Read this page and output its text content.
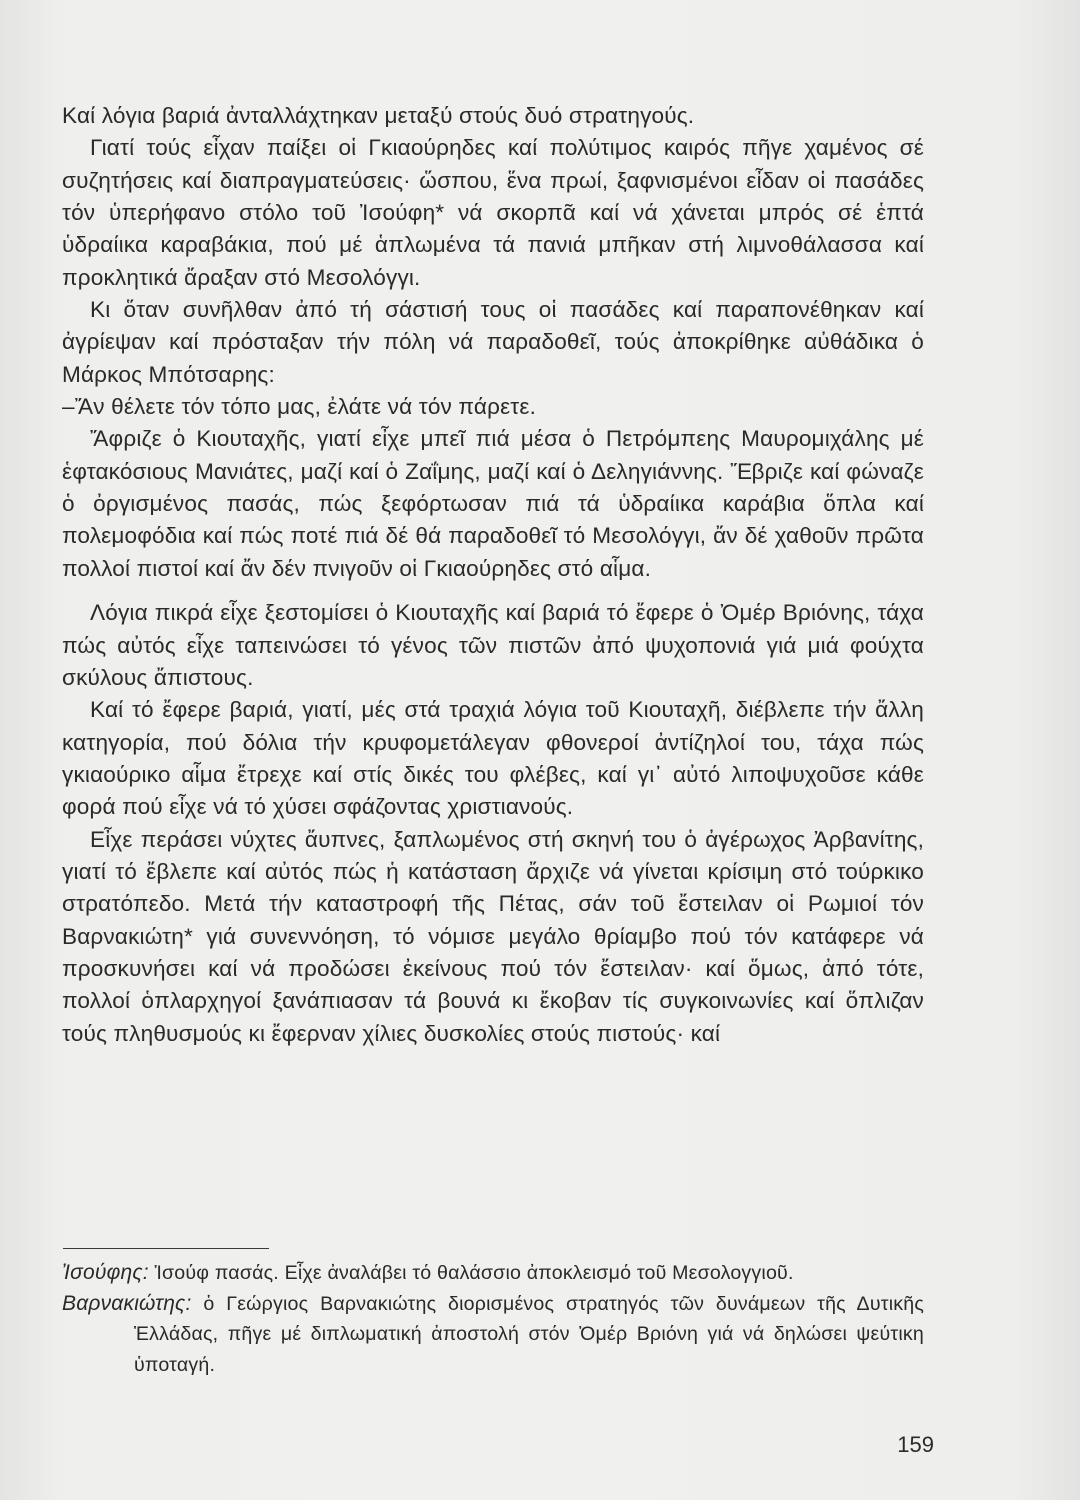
Καί λόγια βαριά ἀνταλλάχτηκαν μεταξύ στούς δυό στρατηγούς.

Γιατί τούς εἶχαν παίξει οἱ Γκιαούρηδες καί πολύτιμος καιρός πῆγε χαμένος σέ συζητήσεις καί διαπραγματεύσεις· ὥσπου, ἕνα πρωί, ξαφνισμένοι εἶδαν οἱ πασάδες τόν ὑπερήφανο στόλο τοῦ Ἰσούφη* νά σκορπᾶ καί νά χάνεται μπρός σέ ἑπτά ὑδραίικα καραβάκια, πού μέ ἁπλωμένα τά πανιά μπῆκαν στή λιμνοθάλασσα καί προκλητικά ἄραξαν στό Μεσολόγγι.

Κι ὅταν συνῆλθαν ἀπό τή σάστισή τους οἱ πασάδες καί παραπονέθηκαν καί ἀγρίεψαν καί πρόσταξαν τήν πόλη νά παραδοθεῖ, τούς ἀποκρίθηκε αὐθάδικα ὁ Μάρκος Μπότσαρης:

–Ἄν θέλετε τόν τόπο μας, ἐλάτε νά τόν πάρετε.

Ἄφριζε ὁ Κιουταχῆς, γιατί εἶχε μπεῖ πιά μέσα ὁ Πετρόμπεης Μαυρομιχάλης μέ ἑφτακόσιους Μανιάτες, μαζί καί ὁ Ζαΐμης, μαζί καί ὁ Δεληγιάννης. Ἔβριζε καί φώναζε ὁ ὀργισμένος πασάς, πώς ξεφόρτωσαν πιά τά ὑδραίικα καράβια ὅπλα καί πολεμοφόδια καί πώς ποτέ πιά δέ θά παραδοθεῖ τό Μεσολόγγι, ἄν δέ χαθοῦν πρῶτα πολλοί πιστοί καί ἄν δέν πνιγοῦν οἱ Γκιαούρηδες στό αἷμα.

Λόγια πικρά εἶχε ξεστομίσει ὁ Κιουταχῆς καί βαριά τό ἔφερε ὁ Ὀμέρ Βριόνης, τάχα πώς αὐτός εἶχε ταπεινώσει τό γένος τῶν πιστῶν ἀπό ψυχοπονιά γιά μιά φούχτα σκύλους ἄπιστους.

Καί τό ἔφερε βαριά, γιατί, μές στά τραχιά λόγια τοῦ Κιουταχῆ, διέβλεπε τήν ἄλλη κατηγορία, πού δόλια τήν κρυφομετάλεγαν φθονεροί ἀντίζηλοί του, τάχα πώς γκιαούρικο αἷμα ἔτρεχε καί στίς δικές του φλέβες, καί γι᾿ αὐτό λιποψυχοῦσε κάθε φορά πού εἶχε νά τό χύσει σφάζοντας χριστιανούς.

Εἶχε περάσει νύχτες ἄυπνες, ξαπλωμένος στή σκηνή του ὁ ἀγέρωχος Ἀρβανίτης, γιατί τό ἔβλεπε καί αὐτός πώς ἡ κατάσταση ἄρχιζε νά γίνεται κρίσιμη στό τούρκικο στρατόπεδο. Μετά τήν καταστροφή τῆς Πέτας, σάν τοῦ ἔστειλαν οἱ Ρωμιοί τόν Βαρνακιώτη* γιά συνεννόηση, τό νόμισε μεγάλο θρίαμβο πού τόν κατάφερε νά προσκυνήσει καί νά προδώσει ἐκείνους πού τόν ἔστειλαν· καί ὅμως, ἀπό τότε, πολλοί ὁπλαρχηγοί ξανάπιασαν τά βουνά κι ἔκοβαν τίς συγκοινωνίες καί ὅπλιζαν τούς πληθυσμούς κι ἔφερναν χίλιες δυσκολίες στούς πιστούς· καί

Ἰσούφης: Ἰσούφ πασάς. Εἶχε ἀναλάβει τό θαλάσσιο ἀποκλεισμό τοῦ Μεσολογγιοῦ.

Βαρνακιώτης: ὁ Γεώργιος Βαρνακιώτης διορισμένος στρατηγός τῶν δυνάμεων τῆς Δυτικῆς Ἑλλάδας, πῆγε μέ διπλωματική ἀποστολή στόν Ὀμέρ Βριόνη γιά νά δηλώσει ψεύτικη ὑποταγή.

159
